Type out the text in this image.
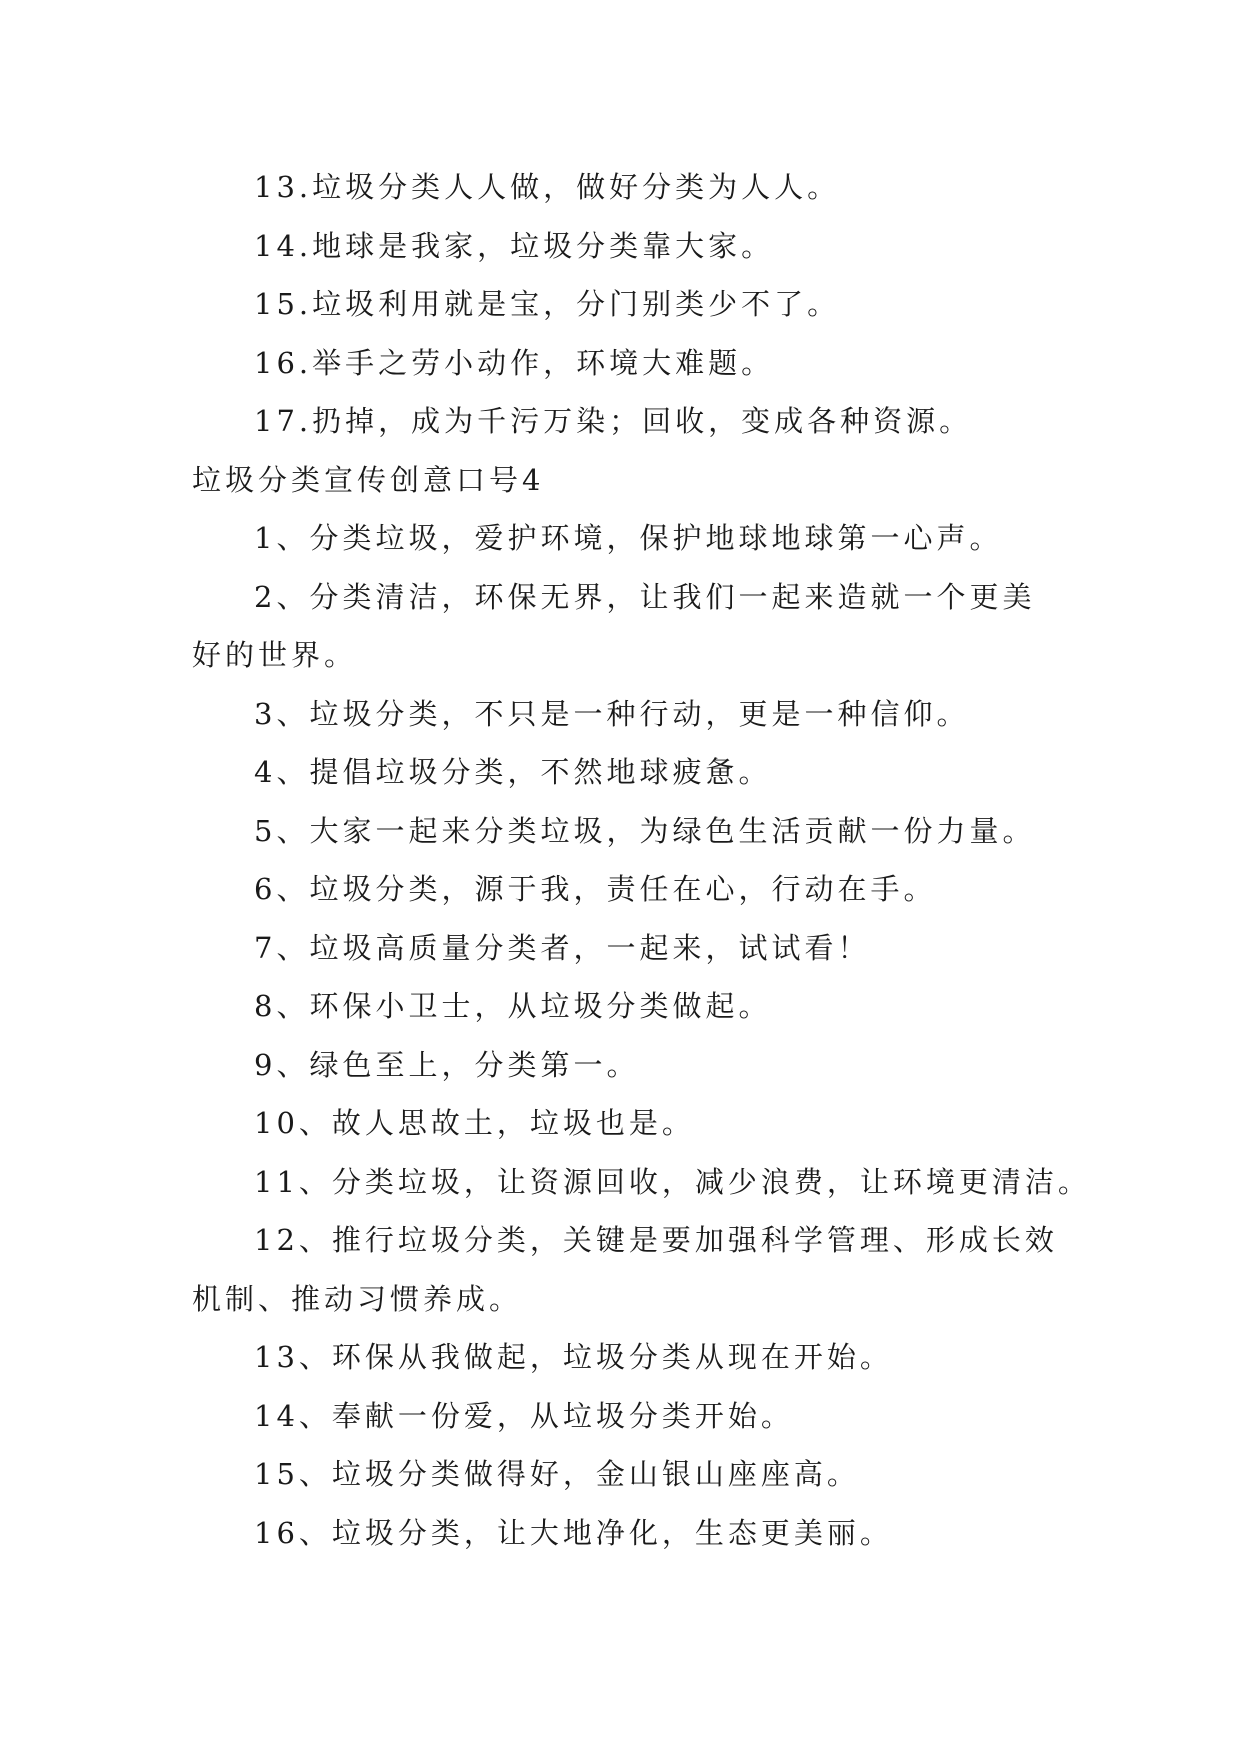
13.垃圾分类人人做，做好分类为人人。

14.地球是我家，垃圾分类靠大家。

15.垃圾利用就是宝，分门别类少不了。

16.举手之劳小动作，环境大难题。

17.扔掉，成为千污万染；回收，变成各种资源。

垃圾分类宣传创意口号4

1、分类垃圾，爱护环境，保护地球地球第一心声。

2、分类清洁，环保无界，让我们一起来造就一个更美

好的世界。

3、垃圾分类，不只是一种行动，更是一种信仰。

4、提倡垃圾分类，不然地球疲惫。

5、大家一起来分类垃圾，为绿色生活贡献一份力量。

6、垃圾分类，源于我，责任在心，行动在手。

7、垃圾高质量分类者，一起来，试试看！

8、环保小卫士，从垃圾分类做起。

9、绿色至上，分类第一。

10、故人思故土，垃圾也是。

11、分类垃圾，让资源回收，减少浪费，让环境更清洁。

12、推行垃圾分类，关键是要加强科学管理、形成长效

机制、推动习惯养成。

13、环保从我做起，垃圾分类从现在开始。

14、奉献一份爱，从垃圾分类开始。

15、垃圾分类做得好，金山银山座座高。

16、垃圾分类，让大地净化，生态更美丽。
